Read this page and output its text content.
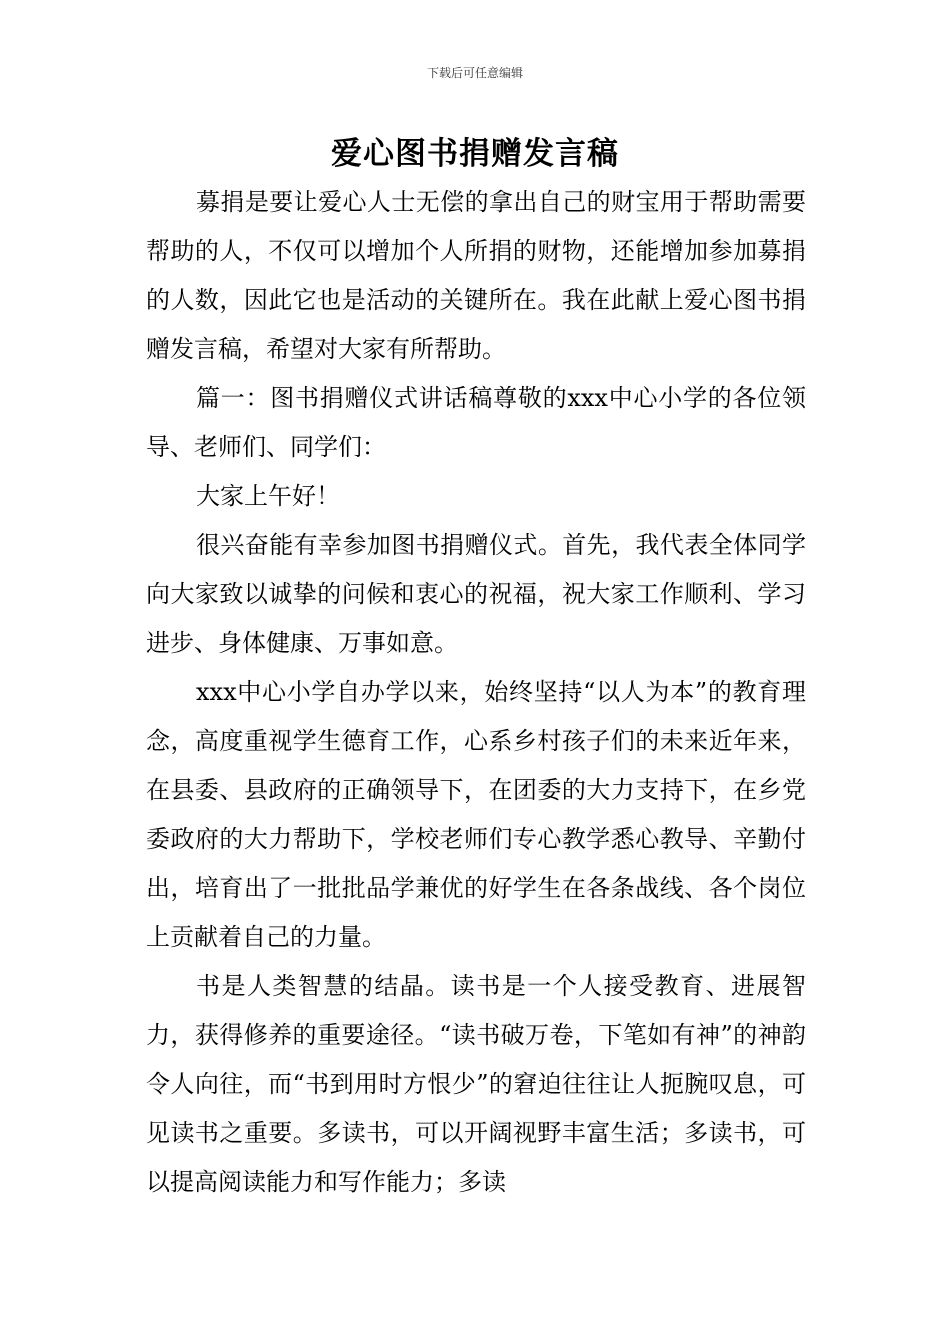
下载后可任意编辑
爱心图书捐赠发言稿

募捐是要让爱心人士无偿的拿出自己的财宝用于帮助需要帮助的人，不仅可以增加个人所捐的财物，还能增加参加募捐的人数，因此它也是活动的关键所在。我在此献上爱心图书捐赠发言稿，希望对大家有所帮助。

篇一：图书捐赠仪式讲话稿尊敬的xxx中心小学的各位领导、老师们、同学们：

大家上午好！

很兴奋能有幸参加图书捐赠仪式。首先，我代表全体同学向大家致以诚挚的问候和衷心的祝福，祝大家工作顺利、学习进步、身体健康、万事如意。

xxx中心小学自办学以来，始终坚持“以人为本”的教育理念，高度重视学生德育工作，心系乡村孩子们的未来近年来，在县委、县政府的正确领导下，在团委的大力支持下，在乡党委政府的大力帮助下，学校老师们专心教学悉心教导、辛勤付出，培育出了一批批品学兼优的好学生在各条战线、各个岗位上贡献着自己的力量。

书是人类智慧的结晶。读书是一个人接受教育、进展智力，获得修养的重要途径。“读书破万卷，下笔如有神”的神韵令人向往，而“书到用时方恨少”的窘迫往往让人扼腕叹息，可见读书之重要。多读书，可以开阔视野丰富生活；多读书，可以提高阅读能力和写作能力；多读
